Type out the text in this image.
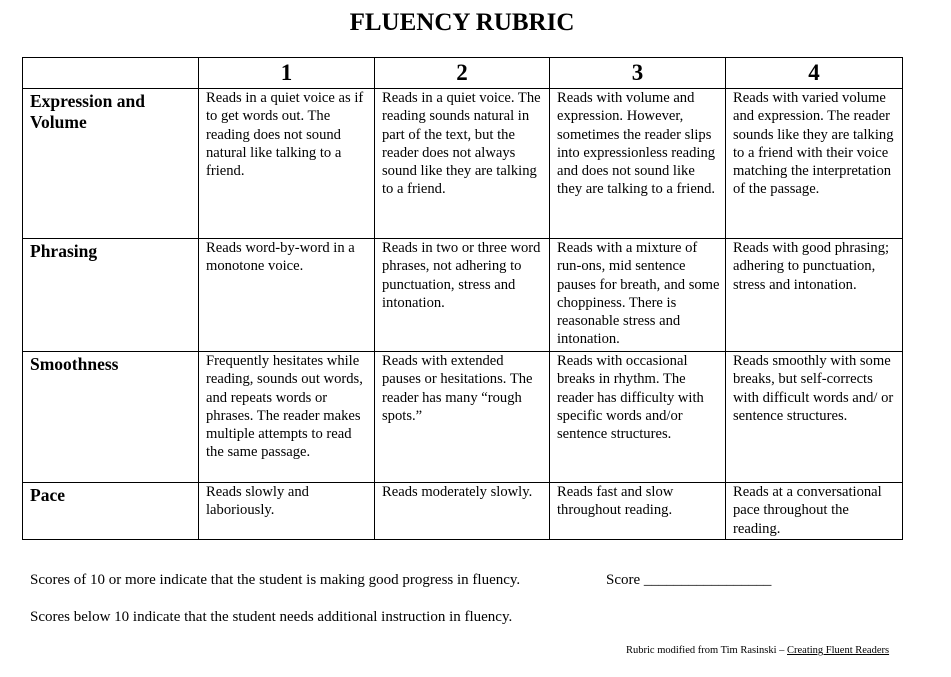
FLUENCY RUBRIC
	1	2	3	4
Expression and Volume	Reads in a quiet voice as if to get words out. The reading does not sound natural like talking to a friend.	Reads in a quiet voice. The reading sounds natural in part of the text, but the reader does not always sound like they are talking to a friend.	Reads with volume and expression. However, sometimes the reader slips into expressionless reading and does not sound like they are talking to a friend.	Reads with varied volume and expression. The reader sounds like they are talking to a friend with their voice matching the interpretation of the passage.
Phrasing	Reads word-by-word in a monotone voice.	Reads in two or three word phrases, not adhering to punctuation, stress and intonation.	Reads with a mixture of run-ons, mid sentence pauses for breath, and some choppiness. There is reasonable stress and intonation.	Reads with good phrasing; adhering to punctuation, stress and intonation.
Smoothness	Frequently hesitates while reading, sounds out words, and repeats words or phrases. The reader makes multiple attempts to read the same passage.	Reads with extended pauses or hesitations. The reader has many “rough spots.”	Reads with occasional breaks in rhythm. The reader has difficulty with specific words and/or sentence structures.	Reads smoothly with some breaks, but self-corrects with difficult words and/ or sentence structures.
Pace	Reads slowly and laboriously.	Reads moderately slowly.	Reads fast and slow throughout reading.	Reads at a conversational pace throughout the reading.
Scores of 10 or more indicate that the student is making good progress in fluency.	Score _________________
Scores below 10 indicate that the student needs additional instruction in fluency.
Rubric modified from Tim Rasinski – Creating Fluent Readers
